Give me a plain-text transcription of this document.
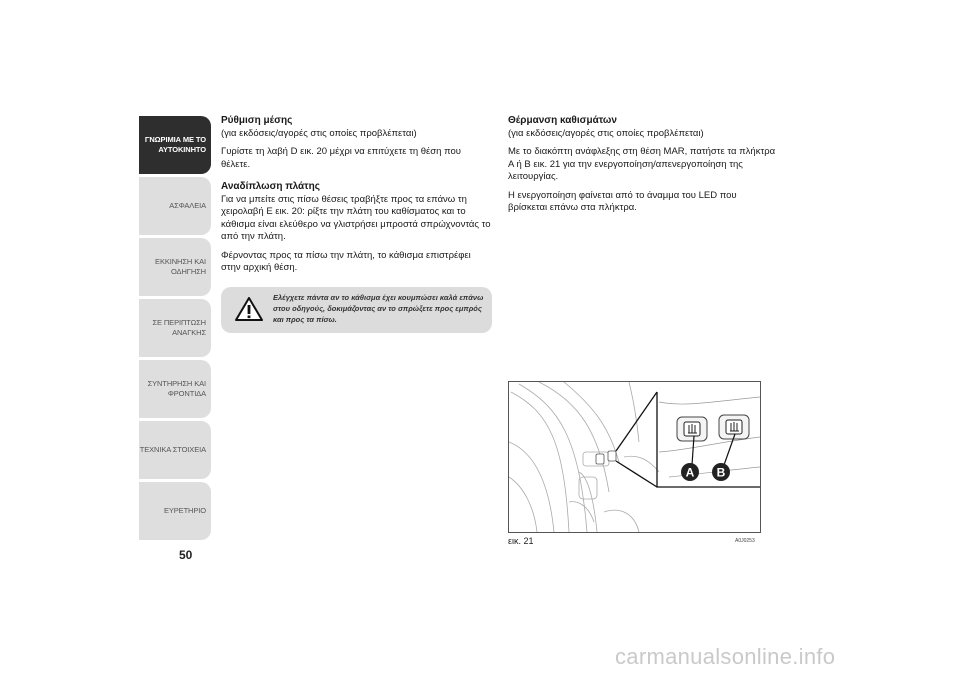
ΓΝΩΡΙΜΙΑ ΜΕ ΤΟ ΑΥΤΟΚΙΝΗΤΟ
ΑΣΦΑΛΕΙΑ
ΕΚΚΙΝΗΣΗ ΚΑΙ ΟΔΗΓΗΣΗ
ΣΕ ΠΕΡΙΠΤΩΣΗ ΑΝΑΓΚΗΣ
ΣΥΝΤΗΡΗΣΗ ΚΑΙ ΦΡΟΝΤΙΔΑ
ΤΕΧΝΙΚΑ ΣΤΟΙΧΕΙΑ
ΕΥΡΕΤΗΡΙΟ
50
Ρύθμιση μέσης
(για εκδόσεις/αγορές στις οποίες προβλέπεται)

Γυρίστε τη λαβή D εικ. 20 μέχρι να επιτύχετε τη θέση που θέλετε.

Αναδίπλωση πλάτης

Για να μπείτε στις πίσω θέσεις τραβήξτε προς τα επάνω τη χειρολαβή E εικ. 20: ρίξτε την πλάτη του καθίσματος και το κάθισμα είναι ελεύθερο να γλιστρήσει μπροστά σπρώχνοντάς το από την πλάτη.

Φέρνοντας προς τα πίσω την πλάτη, το κάθισμα επιστρέφει στην αρχική θέση.

Ελέγχετε πάντα αν το κάθισμα έχει κουμπώσει καλά επάνω στου οδηγούς, δοκιμάζοντας αν το σπρώξετε προς εμπρός και προς τα πίσω.
Θέρμανση καθισμάτων
(για εκδόσεις/αγορές στις οποίες προβλέπεται)

Με το διακόπτη ανάφλεξης στη θέση MAR, πατήστε τα πλήκτρα A ή B εικ. 21 για την ενεργοποίηση/απενεργοποίηση της λειτουργίας.

Η ενεργοποίηση φαίνεται από το άναμμα του LED που βρίσκεται επάνω στα πλήκτρα.

A B
εικ. 21	A0J0253
carmanualsonline.info
